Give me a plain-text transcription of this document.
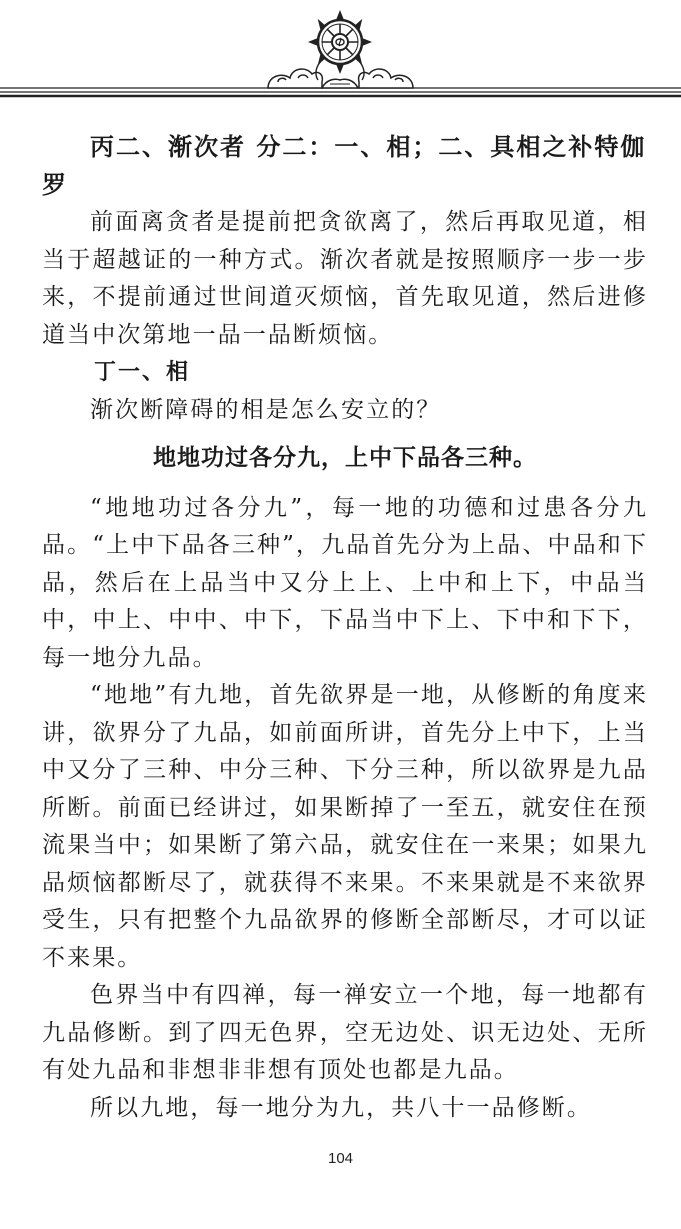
丙二、渐次者 分二：一、相；二、具相之补特伽
罗

前面离贪者是提前把贪欲离了，然后再取见道，相当于超越证的一种方式。渐次者就是按照顺序一步一步来，不提前通过世间道灭烦恼，首先取见道，然后进修道当中次第地一品一品断烦恼。

丁一、相

渐次断障碍的相是怎么安立的？

地地功过各分九，上中下品各三种。

“地地功过各分九”，每一地的功德和过患各分九品。“上中下品各三种”，九品首先分为上品、中品和下品，然后在上品当中又分上上、上中和上下，中品当中，中上、中中、中下，下品当中下上、下中和下下，每一地分九品。

“地地”有九地，首先欲界是一地，从修断的角度来讲，欲界分了九品，如前面所讲，首先分上中下，上当中又分了三种、中分三种、下分三种，所以欲界是九品所断。前面已经讲过，如果断掉了一至五，就安住在预流果当中；如果断了第六品，就安住在一来果；如果九品烦恼都断尽了，就获得不来果。不来果就是不来欲界受生，只有把整个九品欲界的修断全部断尽，才可以证不来果。

色界当中有四禅，每一禅安立一个地，每一地都有九品修断。到了四无色界，空无边处、识无边处、无所有处九品和非想非非想有顶处也都是九品。

所以九地，每一地分为九，共八十一品修断。

104
